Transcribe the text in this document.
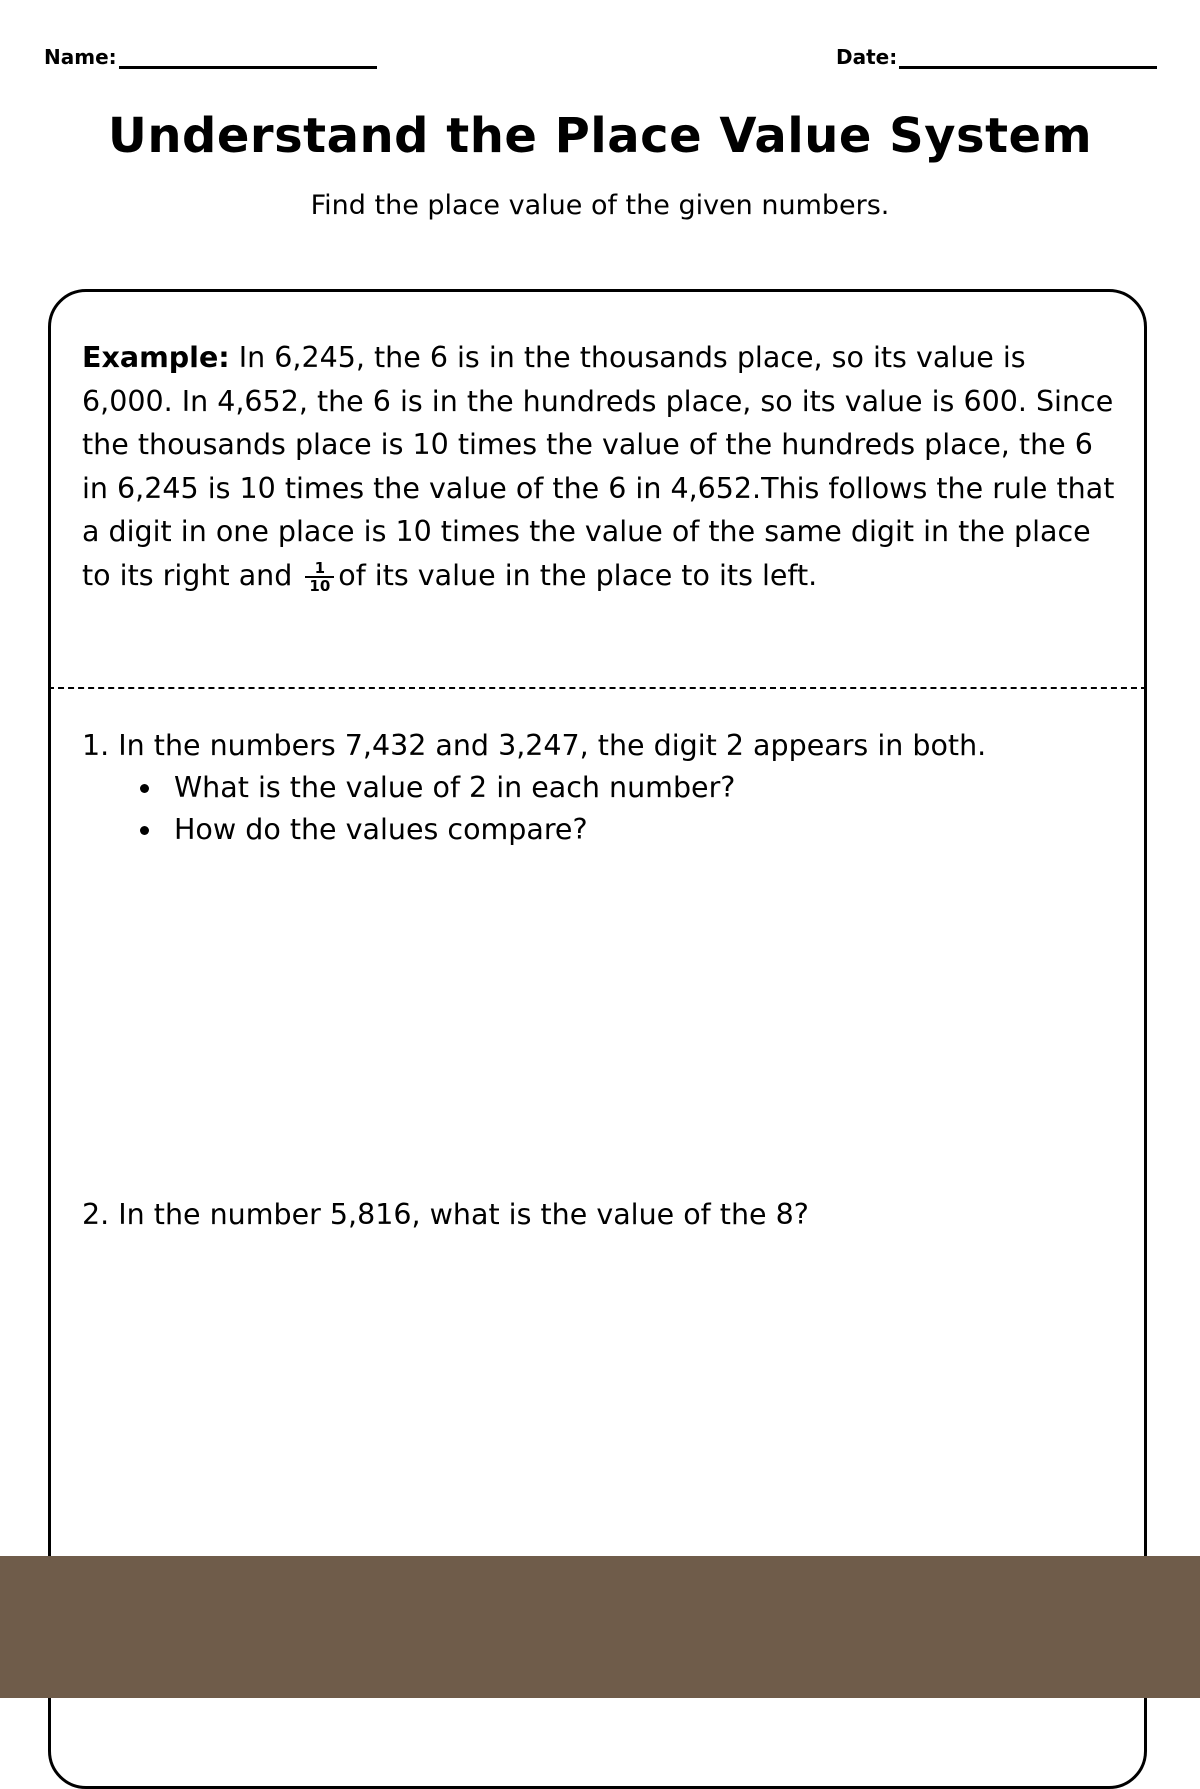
Name:	Date:
Understand the Place Value System
Find the place value of the given numbers.
Example: In 6,245, the 6 is in the thousands place, so its value is 6,000. In 4,652, the 6 is in the hundreds place, so its value is 600. Since the thousands place is 10 times the value of the hundreds place, the 6 in 6,245 is 10 times the value of the 6 in 4,652.This follows the rule that a digit in one place is 10 times the value of the same digit in the place to its right and $\frac{1}{10}$ of its value in the place to its left.
1. In the numbers 7,432 and 3,247, the digit 2 appears in both.
What is the value of 2 in each number?
How do the values compare?
2. In the number 5,816, what is the value of the 8?
